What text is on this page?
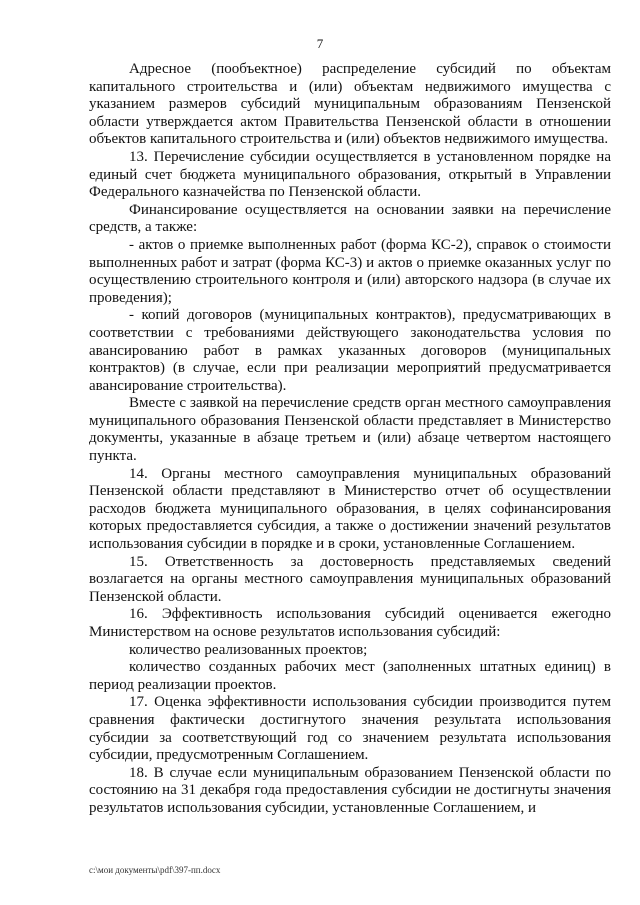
7

Адресное (пообъектное) распределение субсидий по объектам капитального строительства и (или) объектам недвижимого имущества с указанием размеров субсидий муниципальным образованиям Пензенской области утверждается актом Правительства Пензенской области в отношении объектов капитального строительства и (или) объектов недвижимого имущества.

13. Перечисление субсидии осуществляется в установленном порядке на единый счет бюджета муниципального образования, открытый в Управлении Федерального казначейства по Пензенской области.

Финансирование осуществляется на основании заявки на перечисление средств, а также:

- актов о приемке выполненных работ (форма КС-2), справок о стоимости выполненных работ и затрат (форма КС-3) и актов о приемке оказанных услуг по осуществлению строительного контроля и (или) авторского надзора (в случае их проведения);

- копий договоров (муниципальных контрактов), предусматривающих в соответствии с требованиями действующего законодательства условия по авансированию работ в рамках указанных договоров (муниципальных контрактов) (в случае, если при реализации мероприятий предусматривается авансирование строительства).

Вместе с заявкой на перечисление средств орган местного самоуправления муниципального образования Пензенской области представляет в Министерство документы, указанные в абзаце третьем и (или) абзаце четвертом настоящего пункта.

14. Органы местного самоуправления муниципальных образований Пензенской области представляют в Министерство отчет об осуществлении расходов бюджета муниципального образования, в целях софинансирования которых предоставляется субсидия, а также о достижении значений результатов использования субсидии в порядке и в сроки, установленные Соглашением.

15. Ответственность за достоверность представляемых сведений возлагается на органы местного самоуправления муниципальных образований Пензенской области.

16. Эффективность использования субсидий оценивается ежегодно Министерством на основе результатов использования субсидий:

количество реализованных проектов;

количество созданных рабочих мест (заполненных штатных единиц) в период реализации проектов.

17. Оценка эффективности использования субсидии производится путем сравнения фактически достигнутого значения результата использования субсидии за соответствующий год со значением результата использования субсидии, предусмотренным Соглашением.

18. В случае если муниципальным образованием Пензенской области по состоянию на 31 декабря года предоставления субсидии не достигнуты значения результатов использования субсидии, установленные Соглашением, и

c:\мои документы\pdf\397-пп.docx
